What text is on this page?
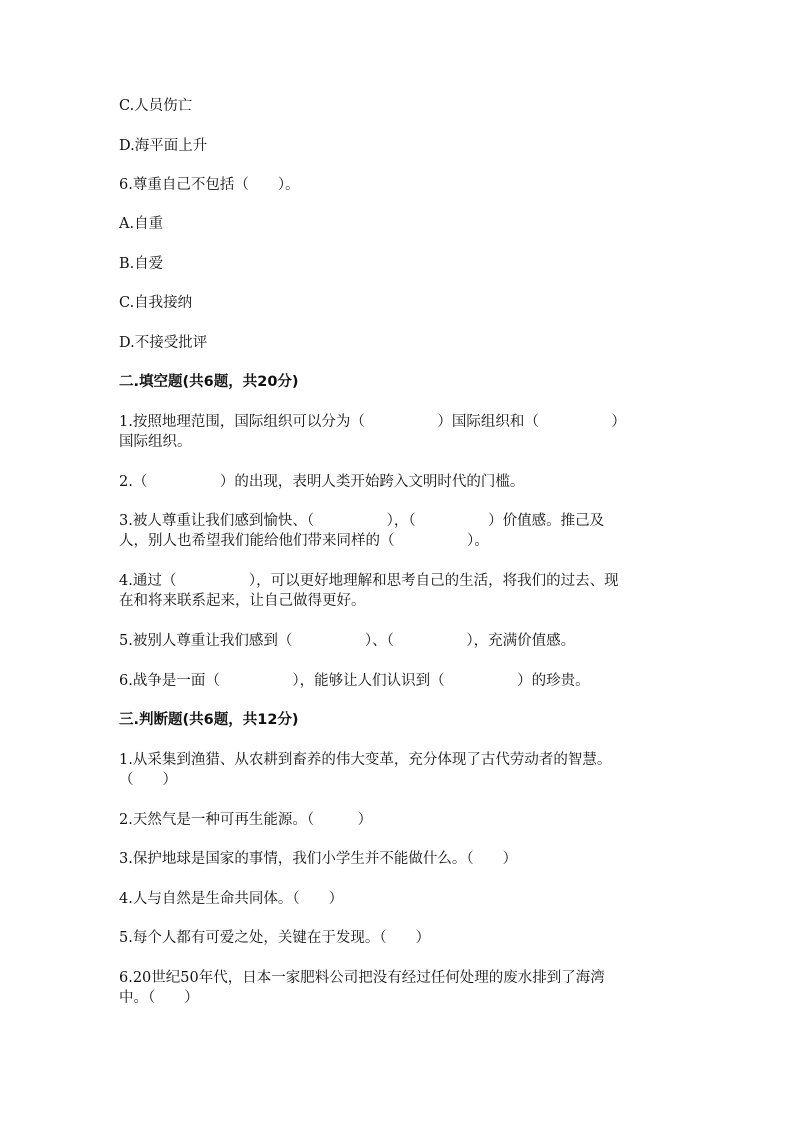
C.人员伤亡

D.海平面上升

6.尊重自己不包括（　　）。

A.自重

B.自爱

C.自我接纳

D.不接受批评

二.填空题(共6题，共20分)

1.按照地理范围，国际组织可以分为（　　　　　）国际组织和（　　　　　）

国际组织。

2.（　　　　　）的出现，表明人类开始跨入文明时代的门槛。

3.被人尊重让我们感到愉快、（　　　　　），（　　　　　）价值感。推己及

人，别人也希望我们能给他们带来同样的（　　　　　）。

4.通过（　　　　　），可以更好地理解和思考自己的生活，将我们的过去、现

在和将来联系起来，让自己做得更好。

5.被别人尊重让我们感到（　　　　　）、（　　　　　），充满价值感。

6.战争是一面（　　　　　），能够让人们认识到（　　　　　）的珍贵。

三.判断题(共6题，共12分)

1.从采集到渔猎、从农耕到畜养的伟大变革，充分体现了古代劳动者的智慧。

（　　）

2.天然气是一种可再生能源。（　　　）

3.保护地球是国家的事情，我们小学生并不能做什么。（　　）

4.人与自然是生命共同体。（　　）

5.每个人都有可爱之处，关键在于发现。（　　）

6.20世纪50年代，日本一家肥料公司把没有经过任何处理的废水排到了海湾

中。（　　）
